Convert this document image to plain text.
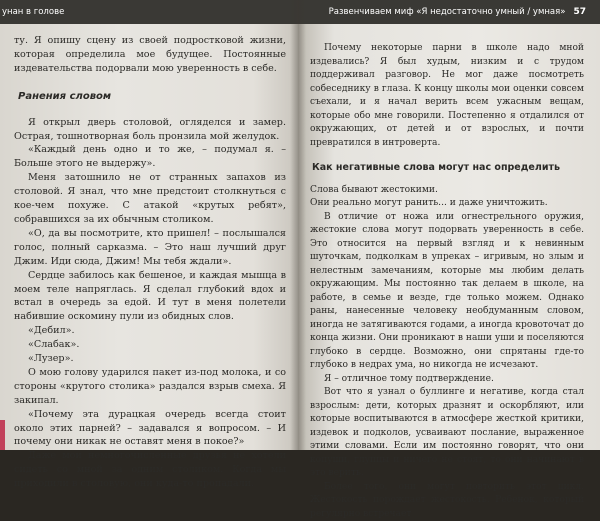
унан в голове

ту. Я опишу сцену из своей подростковой жизни, которая определила мое будущее. Постоянные издевательства подорвали мою уверенность в себе.

Ранения словом

Я открыл дверь столовой, огляделся и замер. Острая, тошнотворная боль пронзила мой желудок.

«Каждый день одно и то же, – подумал я. – Больше этого не выдержу».

Меня затошнило не от странных запахов из столовой. Я знал, что мне предстоит столкнуться с кое-чем похуже. С атакой «крутых ребят», собравшихся за их обычным столиком.

«О, да вы посмотрите, кто пришел! – послышался голос, полный сарказма. – Это наш лучший друг Джим. Иди сюда, Джим! Мы тебя ждали».

Сердце забилось как бешеное, и каждая мышца в моем теле напряглась. Я сделал глубокий вдох и встал в очередь за едой. И тут в меня полетели набившие оскомину пули из обидных слов.

«Дебил».

«Слабак».

«Лузер».

О мою голову ударился пакет из-под молока, и со стороны «крутого столика» раздался взрыв смеха. Я закипал.

«Почему эта дурацкая очередь всегда стоит около этих парней? – задавался я вопросом. – И почему они никак не оставят меня в покое?»

Даже мои немногочисленные друзья не хотели сидеть со мной за одним столиком. Когда мы приходили в столовую, они куда-то пропадали.

Развенчиваем миф «Я недостаточно умный / умная» 57

Почему некоторые парни в школе надо мной издевались? Я был худым, низким и с трудом поддерживал разговор. Не мог даже посмотреть собеседнику в глаза. К концу школы мои оценки совсем съехали, и я начал верить всем ужасным вещам, которые обо мне говорили. Постепенно я отдалился от окружающих, от детей и от взрослых, и почти превратился в интроверта.

Как негативные слова могут нас определить

Слова бывают жестокими.

Они реально могут ранить... и даже уничтожить.

В отличие от ножа или огнестрельного оружия, жестокие слова могут подорвать уверенность в себе. Это относится на первый взгляд и к невинным шуточкам, подколкам в упреках – игривым, но злым и нелестным замечаниям, которые мы любим делать окружающим. Мы постоянно так делаем в школе, на работе, в семье и везде, где только можем. Однако раны, нанесенные человеку необдуманным словом, иногда не затягиваются годами, а иногда кровоточат до конца жизни. Они проникают в наши уши и поселяются глубоко в сердце. Возможно, они спрятаны где-то глубоко в недрах ума, но никогда не исчезают.

Я – отличное тому подтверждение.

Вот что я узнал о буллинге и негативе, когда стал взрослым: дети, которых дразнят и оскорбляют, или которые воспитываются в атмосфере жесткой критики, издевок и подколов, усваивают послание, выраженное этими словами. Если им постоянно говорят, что они копуши, глупцы и ничего не стоят, то они начинают в это верить.

Более того, они могут повторить этот цикл. Жестокость порождает жестокость. Ребенок, который регулярно встречает
